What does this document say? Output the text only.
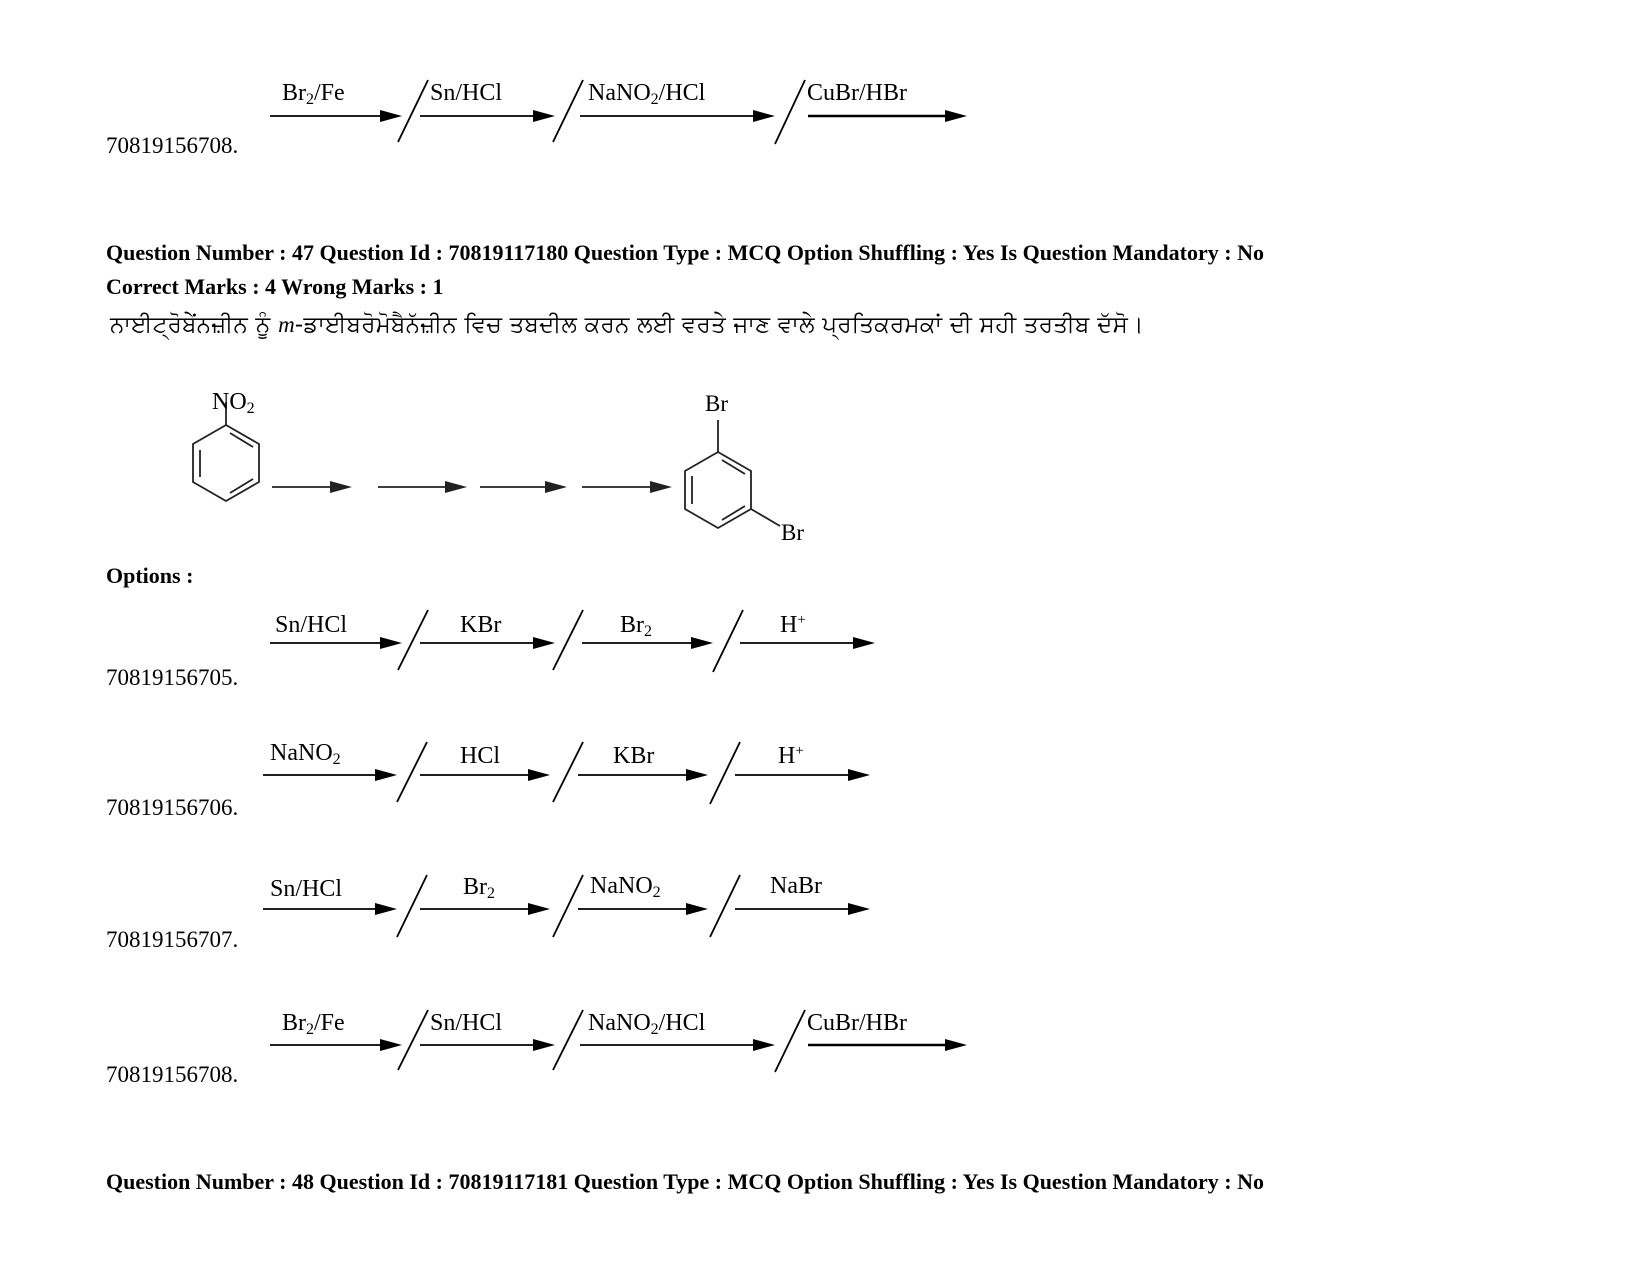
70819156708.
$Br_2/Fe$	Sn/HCl	NaNO$_2$/HCl	CuBr/HBr
Question Number : 47 Question Id : 70819117180 Question Type : MCQ Option Shuffling : Yes Is Question Mandatory : No
Correct Marks : 4 Wrong Marks : 1
ਨਾਈਟ੍ਰੋਬੇਂਨਜ਼ੀਨ ਨੂੰ m-ਡਾਈਬਰੋਮੋਬੈਨੱਜ਼ੀਨ ਵਿਚ ਤਬਦੀਲ ਕਰਨ ਲਈ ਵਰਤੇ ਜਾਣ ਵਾਲੇ ਪ੍ਰਤਿਕਰਮਕਾਂ ਦੀ ਸਹੀ ਤਰਤੀਬ ਦੱਸੋ।
$NO_2$	Br
Br
Options :
70819156705.
Sn/HCl	KBr	$Br_2$	H+
70819156706.
NaNO$_2$	HCl	KBr	H+
70819156707.
Sn/HCl	$Br_2$	NaNO$_2$	NaBr
70819156708.
$Br_2/Fe$	Sn/HCl	NaNO$_2$/HCl	CuBr/HBr
Question Number : 48 Question Id : 70819117181 Question Type : MCQ Option Shuffling : Yes Is Question Mandatory : No
